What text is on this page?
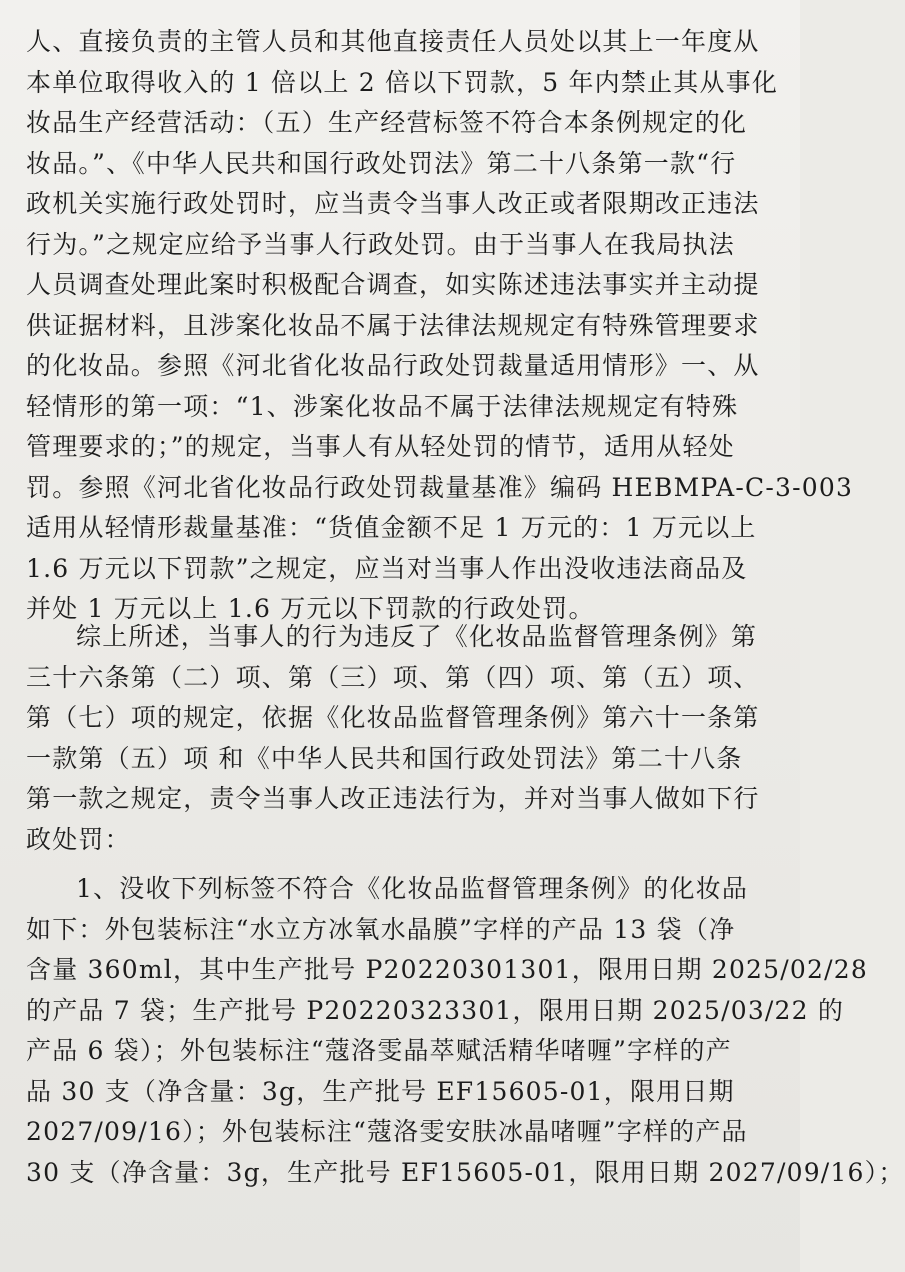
人、直接负责的主管人员和其他直接责任人员处以其上一年度从
本单位取得收入的 1 倍以上 2 倍以下罚款，5 年内禁止其从事化
妆品生产经营活动：（五）生产经营标签不符合本条例规定的化
妆品。”、《中华人民共和国行政处罚法》第二十八条第一款“行
政机关实施行政处罚时，应当责令当事人改正或者限期改正违法
行为。”之规定应给予当事人行政处罚。由于当事人在我局执法
人员调查处理此案时积极配合调查，如实陈述违法事实并主动提
供证据材料，且涉案化妆品不属于法律法规规定有特殊管理要求
的化妆品。参照《河北省化妆品行政处罚裁量适用情形》一、从
轻情形的第一项：“1、涉案化妆品不属于法律法规规定有特殊
管理要求的；”的规定，当事人有从轻处罚的情节，适用从轻处
罚。参照《河北省化妆品行政处罚裁量基准》编码 HEBMPA-C-3-003
适用从轻情形裁量基准：“货值金额不足 1 万元的：1 万元以上
1.6 万元以下罚款”之规定，应当对当事人作出没收违法商品及
并处 1 万元以上 1.6 万元以下罚款的行政处罚。
综上所述，当事人的行为违反了《化妆品监督管理条例》第
三十六条第（二）项、第（三）项、第（四）项、第（五）项、
第（七）项的规定，依据《化妆品监督管理条例》第六十一条第
一款第（五）项 和《中华人民共和国行政处罚法》第二十八条
第一款之规定，责令当事人改正违法行为，并对当事人做如下行
政处罚：
1、没收下列标签不符合《化妆品监督管理条例》的化妆品
如下：外包装标注“水立方冰氧水晶膜”字样的产品 13 袋（净
含量 360ml，其中生产批号 P20220301301，限用日期 2025/02/28
的产品 7 袋；生产批号 P20220323301，限用日期 2025/03/22 的
产品 6 袋）；外包装标注“蔻洛雯晶萃赋活精华啫喱”字样的产
品 30 支（净含量：3g，生产批号 EF15605-01，限用日期
2027/09/16）；外包装标注“蔻洛雯安肤冰晶啫喱”字样的产品
30 支（净含量：3g，生产批号 EF15605-01，限用日期 2027/09/16）；
